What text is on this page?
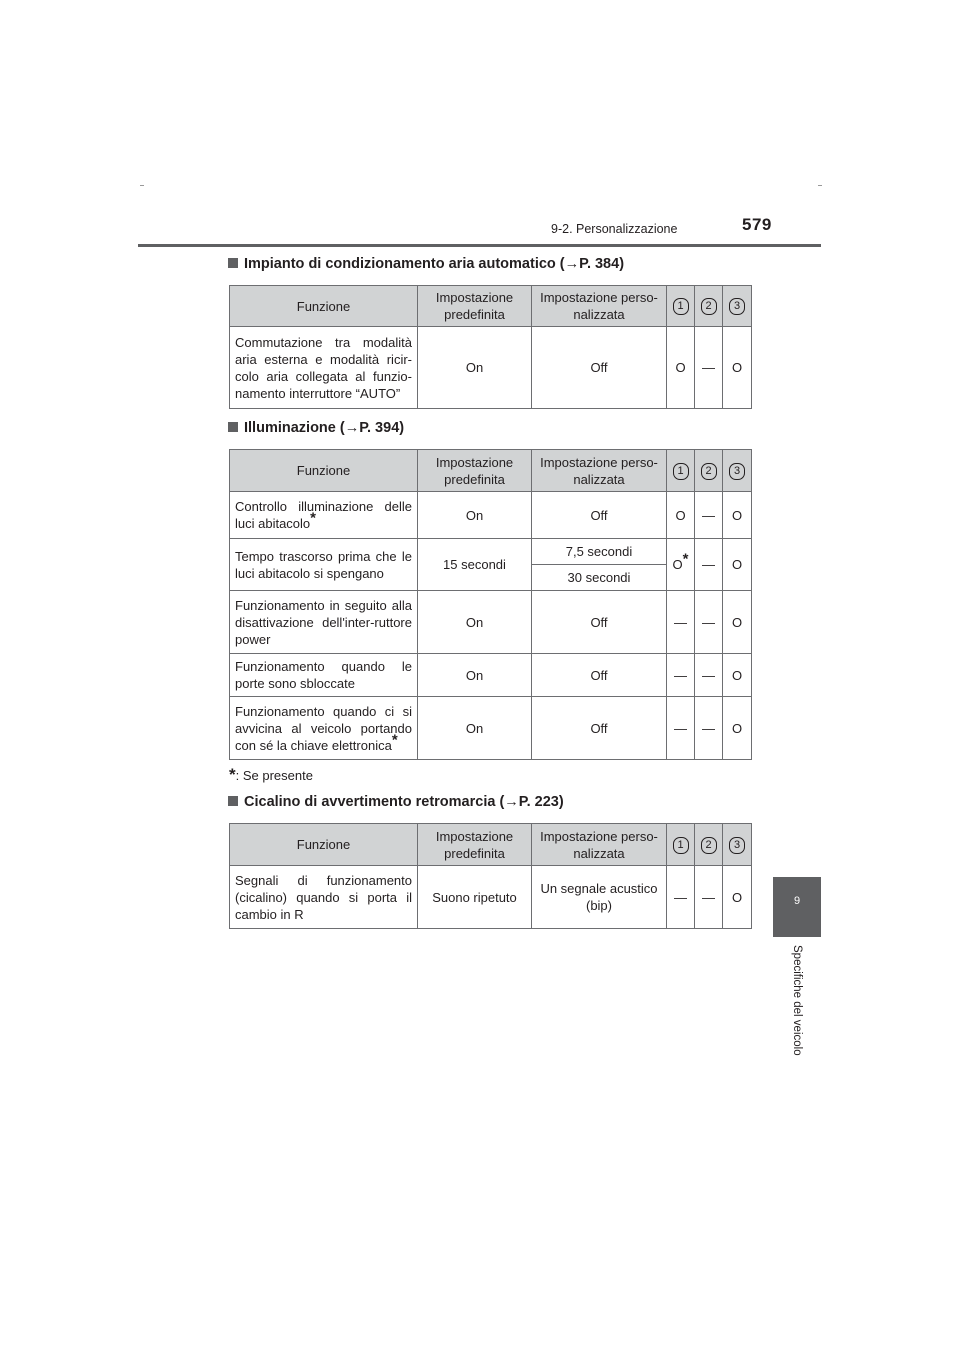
9-2. Personalizzazione	579
9
Specifiche del veicolo
Impianto di condizionamento aria automatico (→P. 384)
Funzione	Impostazione predefinita	Impostazione perso-nalizzata	1	2	3
Commutazione tra modalità aria esterna e modalità ricir-colo aria collegata al funzio-namento interruttore “AUTO”	On	Off	O	—	O
Illuminazione (→P. 394)
Funzione	Impostazione predefinita	Impostazione perso-nalizzata	1	2	3
Controllo illuminazione delle luci abitacolo*	On	Off	O	—	O
Tempo trascorso prima che le luci abitacolo si spengano	15 secondi	7,5 secondi	O*	—	O
		30 secondi			
Funzionamento in seguito alla disattivazione dell'inter-ruttore power	On	Off	—	—	O
Funzionamento quando le porte sono sbloccate	On	Off	—	—	O
Funzionamento quando ci si avvicina al veicolo portando con sé la chiave elettronica*	On	Off	—	—	O
*: Se presente
Cicalino di avvertimento retromarcia (→P. 223)
Funzione	Impostazione predefinita	Impostazione perso-nalizzata	1	2	3
Segnali di funzionamento (cicalino) quando si porta il cambio in R	Suono ripetuto	Un segnale acustico (bip)	—	—	O
